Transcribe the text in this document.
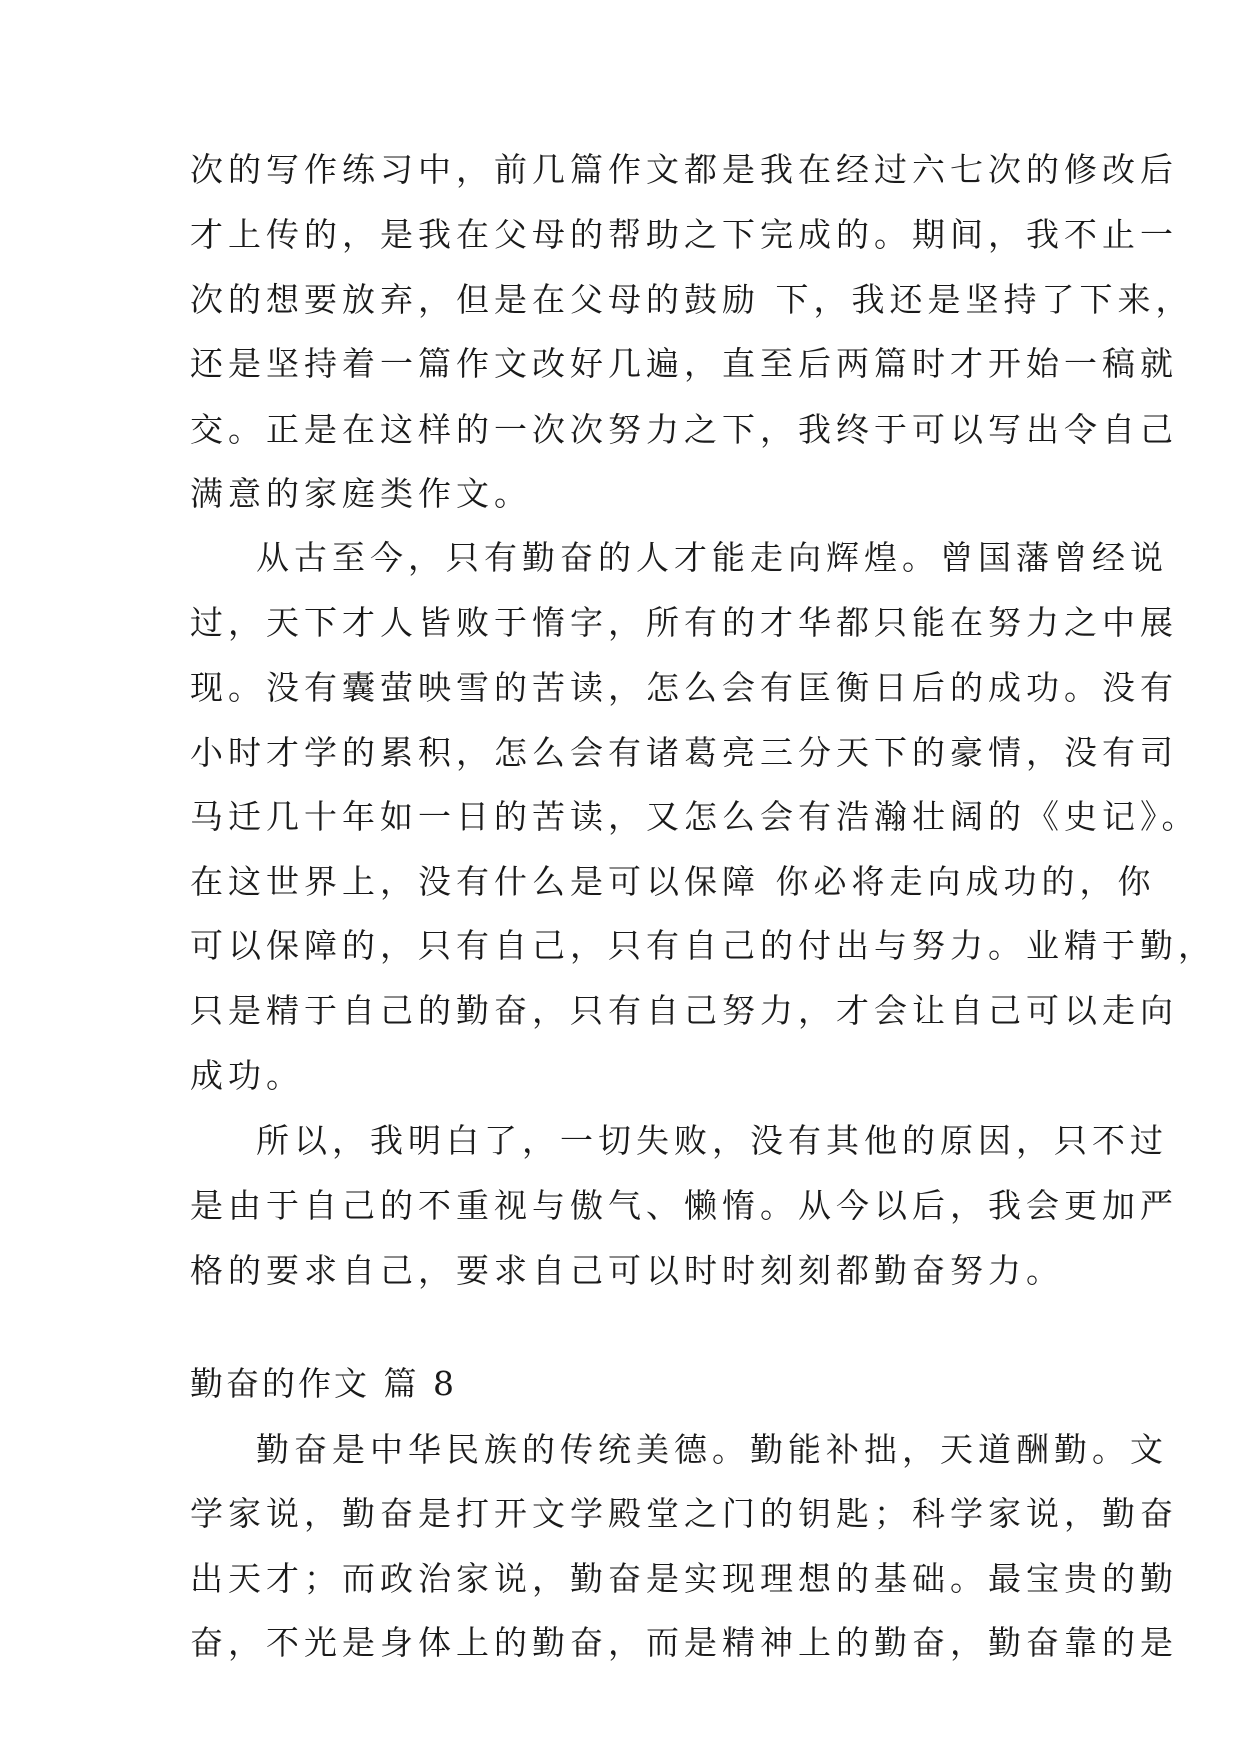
次的写作练习中，前几篇作文都是我在经过六七次的修改后
才上传的，是我在父母的帮助之下完成的。期间，我不止一
次的想要放弃，但是在父母的鼓励 下，我还是坚持了下来，
还是坚持着一篇作文改好几遍，直至后两篇时才开始一稿就
交。正是在这样的一次次努力之下，我终于可以写出令自己
满意的家庭类作文。
从古至今，只有勤奋的人才能走向辉煌。曾国藩曾经说
过，天下才人皆败于惰字，所有的才华都只能在努力之中展
现。没有囊萤映雪的苦读，怎么会有匡衡日后的成功。没有
小时才学的累积，怎么会有诸葛亮三分天下的豪情，没有司
马迁几十年如一日的苦读，又怎么会有浩瀚壮阔的《史记》。
在这世界上，没有什么是可以保障 你必将走向成功的，你
可以保障的，只有自己，只有自己的付出与努力。业精于勤，
只是精于自己的勤奋，只有自己努力，才会让自己可以走向
成功。
所以，我明白了，一切失败，没有其他的原因，只不过
是由于自己的不重视与傲气、懒惰。从今以后，我会更加严
格的要求自己，要求自己可以时时刻刻都勤奋努力。
勤奋的作文 篇 8
勤奋是中华民族的传统美德。勤能补拙，天道酬勤。文
学家说，勤奋是打开文学殿堂之门的钥匙；科学家说，勤奋
出天才；而政治家说，勤奋是实现理想的基础。最宝贵的勤
奋，不光是身体上的勤奋，而是精神上的勤奋，勤奋靠的是
